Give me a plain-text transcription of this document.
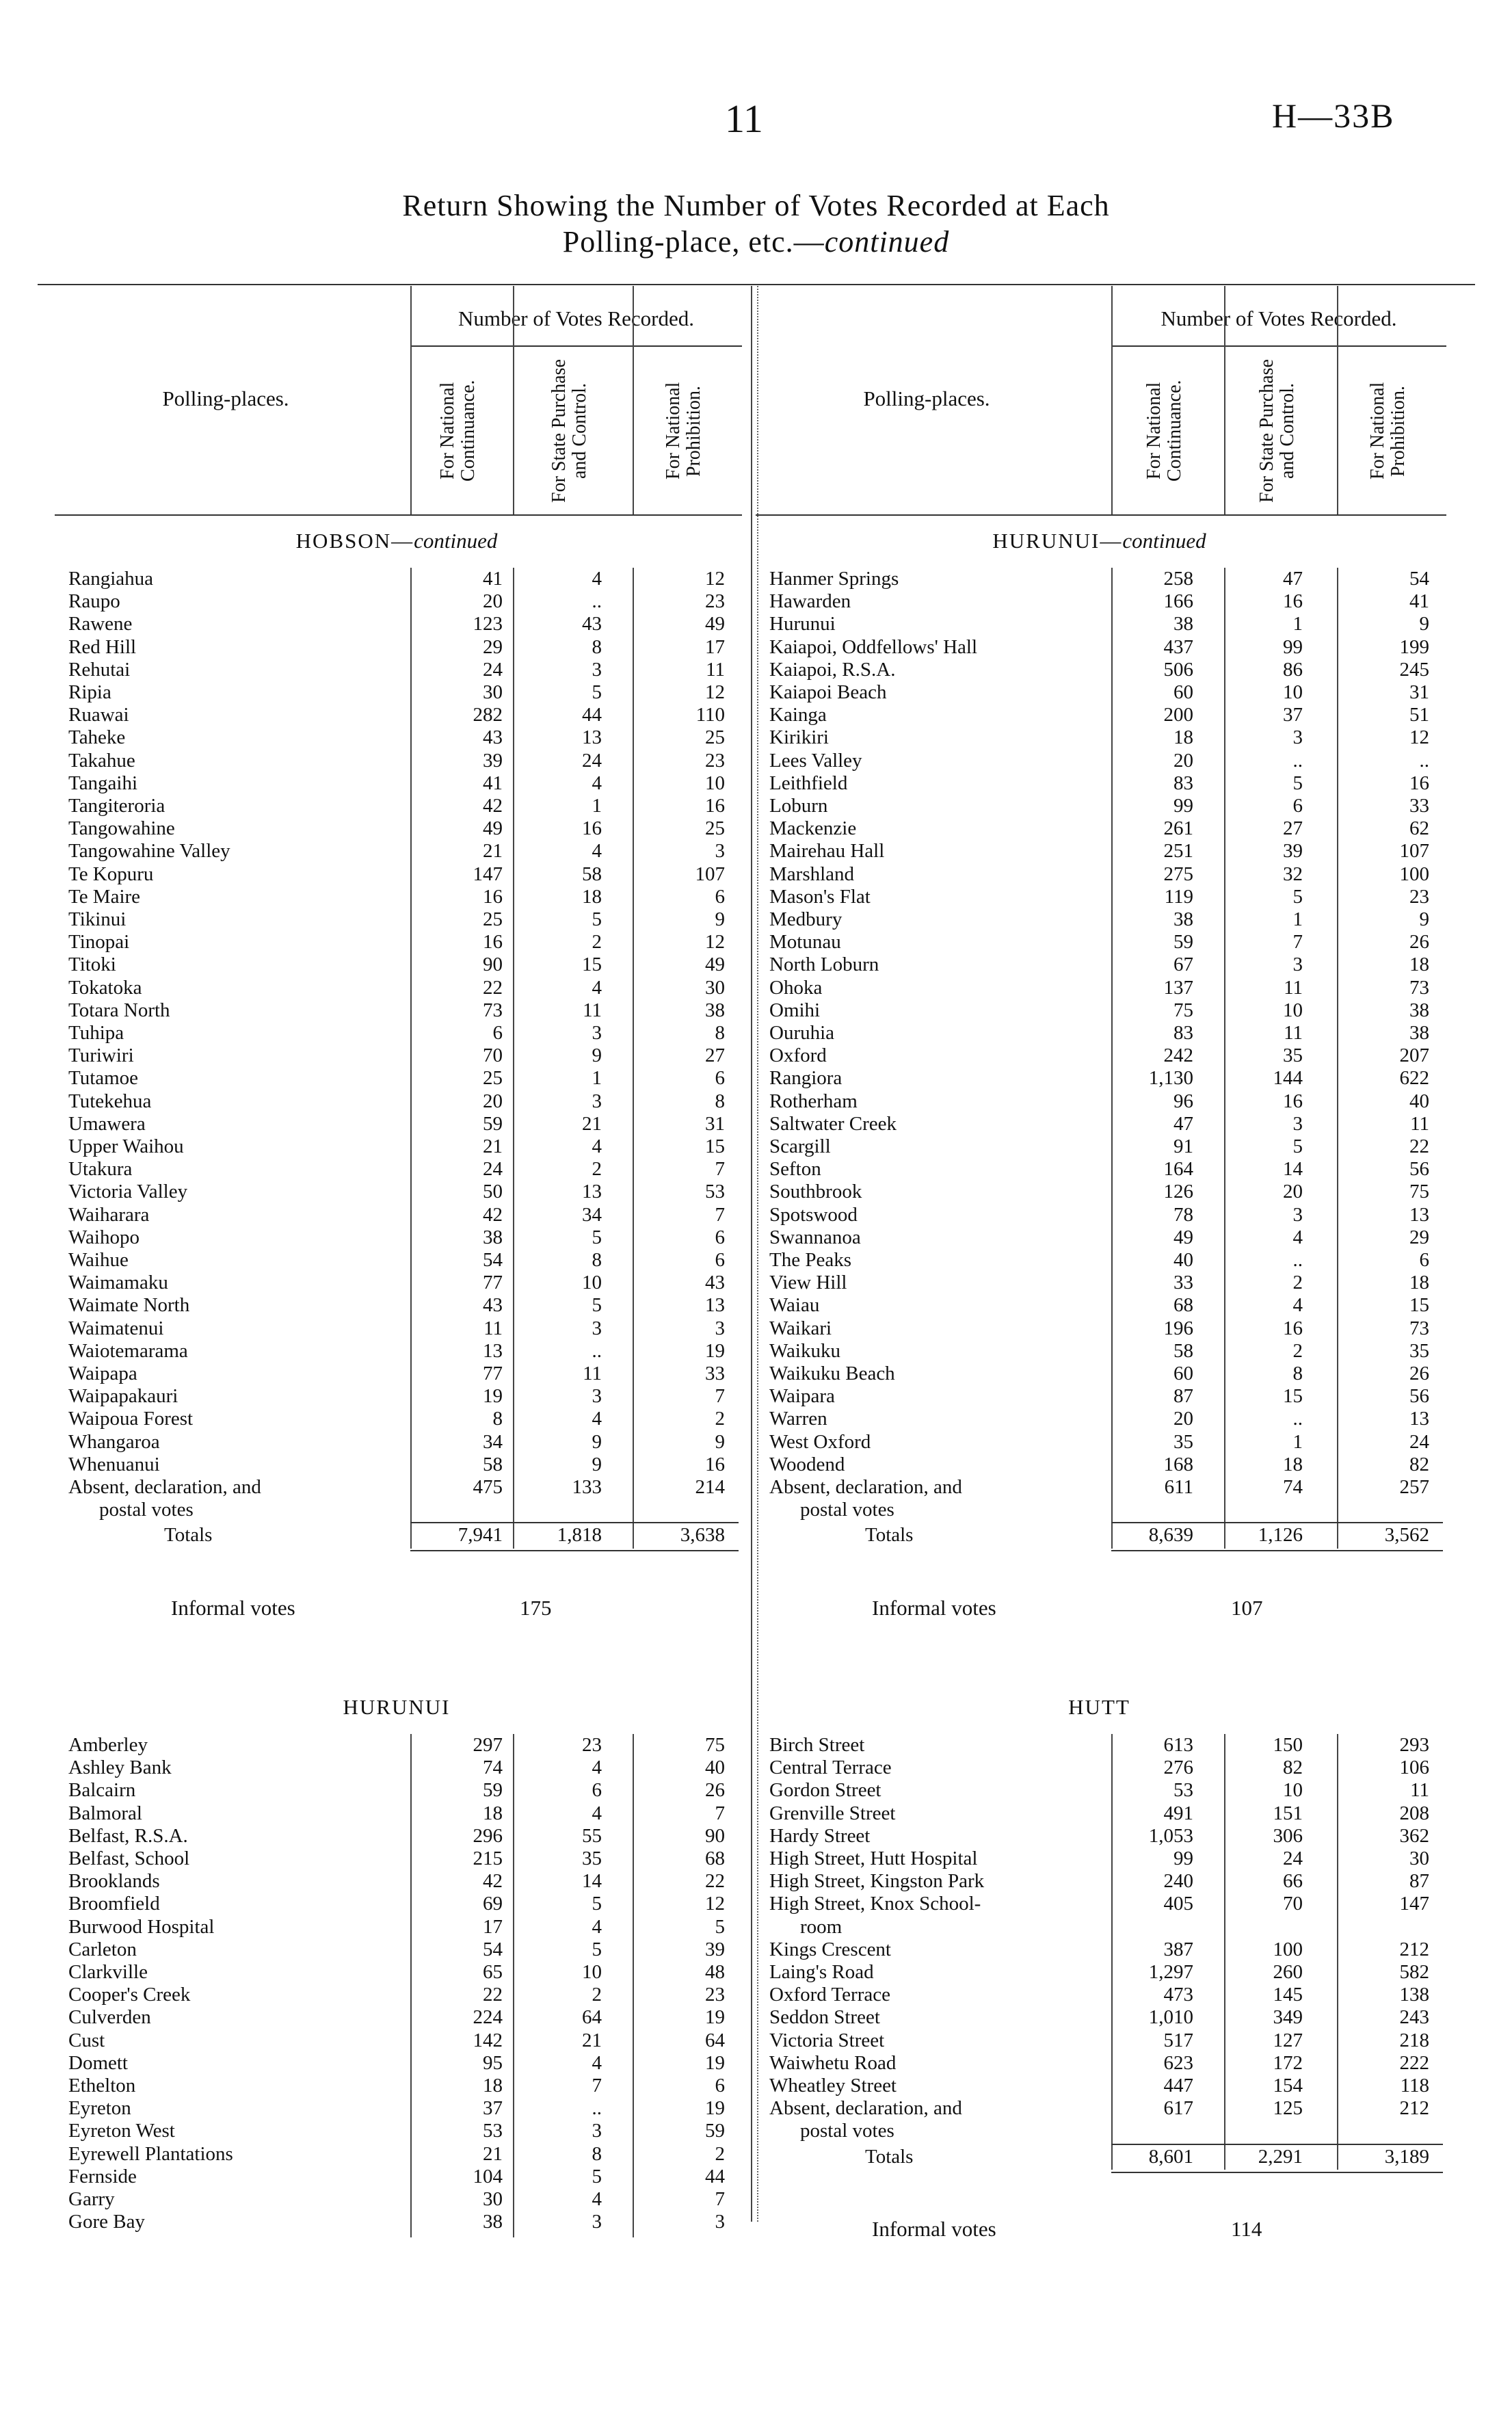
11	H—33B
Return Showing the Number of Votes Recorded at Each
Polling-place, etc.—continued
Number of Votes Recorded.
Polling-places.	For National Continuance.	For State Purchase and Control.	For National Prohibition.
Number of Votes Recorded.
Polling-places.	For National Continuance.	For State Purchase and Control.	For National Prohibition.
HOBSON—continued
Rangiahua	41	4	12
Raupo	20	..	23
Rawene	123	43	49
Red Hill	29	8	17
Rehutai	24	3	11
Ripia	30	5	12
Ruawai	282	44	110
Taheke	43	13	25
Takahue	39	24	23
Tangaihi	41	4	10
Tangiteroria	42	1	16
Tangowahine	49	16	25
Tangowahine Valley	21	4	3
Te Kopuru	147	58	107
Te Maire	16	18	6
Tikinui	25	5	9
Tinopai	16	2	12
Titoki	90	15	49
Tokatoka	22	4	30
Totara North	73	11	38
Tuhipa	6	3	8
Turiwiri	70	9	27
Tutamoe	25	1	6
Tutekehua	20	3	8
Umawera	59	21	31
Upper Waihou	21	4	15
Utakura	24	2	7
Victoria Valley	50	13	53
Waiharara	42	34	7
Waihopo	38	5	6
Waihue	54	8	6
Waimamaku	77	10	43
Waimate North	43	5	13
Waimatenui	11	3	3
Waiotemarama	13	..	19
Waipapa	77	11	33
Waipapakauri	19	3	7
Waipoua Forest	8	4	2
Whangaroa	34	9	9
Whenuanui	58	9	16
Absent, declaration, and	475	133	214
postal votes
Totals	7,941	1,818	3,638
Informal votes	175
HURUNUI—continued
Hanmer Springs	258	47	54
Hawarden	166	16	41
Hurunui	38	1	9
Kaiapoi, Oddfellows' Hall	437	99	199
Kaiapoi, R.S.A.	506	86	245
Kaiapoi Beach	60	10	31
Kainga	200	37	51
Kirikiri	18	3	12
Lees Valley	20	..	..
Leithfield	83	5	16
Loburn	99	6	33
Mackenzie	261	27	62
Mairehau Hall	251	39	107
Marshland	275	32	100
Mason's Flat	119	5	23
Medbury	38	1	9
Motunau	59	7	26
North Loburn	67	3	18
Ohoka	137	11	73
Omihi	75	10	38
Ouruhia	83	11	38
Oxford	242	35	207
Rangiora	1,130	144	622
Rotherham	96	16	40
Saltwater Creek	47	3	11
Scargill	91	5	22
Sefton	164	14	56
Southbrook	126	20	75
Spotswood	78	3	13
Swannanoa	49	4	29
The Peaks	40	..	6
View Hill	33	2	18
Waiau	68	4	15
Waikari	196	16	73
Waikuku	58	2	35
Waikuku Beach	60	8	26
Waipara	87	15	56
Warren	20	..	13
West Oxford	35	1	24
Woodend	168	18	82
Absent, declaration, and	611	74	257
postal votes
Totals	8,639	1,126	3,562
Informal votes	107
HURUNUI
Amberley	297	23	75
Ashley Bank	74	4	40
Balcairn	59	6	26
Balmoral	18	4	7
Belfast, R.S.A.	296	55	90
Belfast, School	215	35	68
Brooklands	42	14	22
Broomfield	69	5	12
Burwood Hospital	17	4	5
Carleton	54	5	39
Clarkville	65	10	48
Cooper's Creek	22	2	23
Culverden	224	64	19
Cust	142	21	64
Domett	95	4	19
Ethelton	18	7	6
Eyreton	37	..	19
Eyreton West	53	3	59
Eyrewell Plantations	21	8	2
Fernside	104	5	44
Garry	30	4	7
Gore Bay	38	3	3
HUTT
Birch Street	613	150	293
Central Terrace	276	82	106
Gordon Street	53	10	11
Grenville Street	491	151	208
Hardy Street	1,053	306	362
High Street, Hutt Hospital	99	24	30
High Street, Kingston Park	240	66	87
High Street, Knox School-	405	70	147
room
Kings Crescent	387	100	212
Laing's Road	1,297	260	582
Oxford Terrace	473	145	138
Seddon Street	1,010	349	243
Victoria Street	517	127	218
Waiwhetu Road	623	172	222
Wheatley Street	447	154	118
Absent, declaration, and	617	125	212
postal votes
Totals	8,601	2,291	3,189
Informal votes	114
